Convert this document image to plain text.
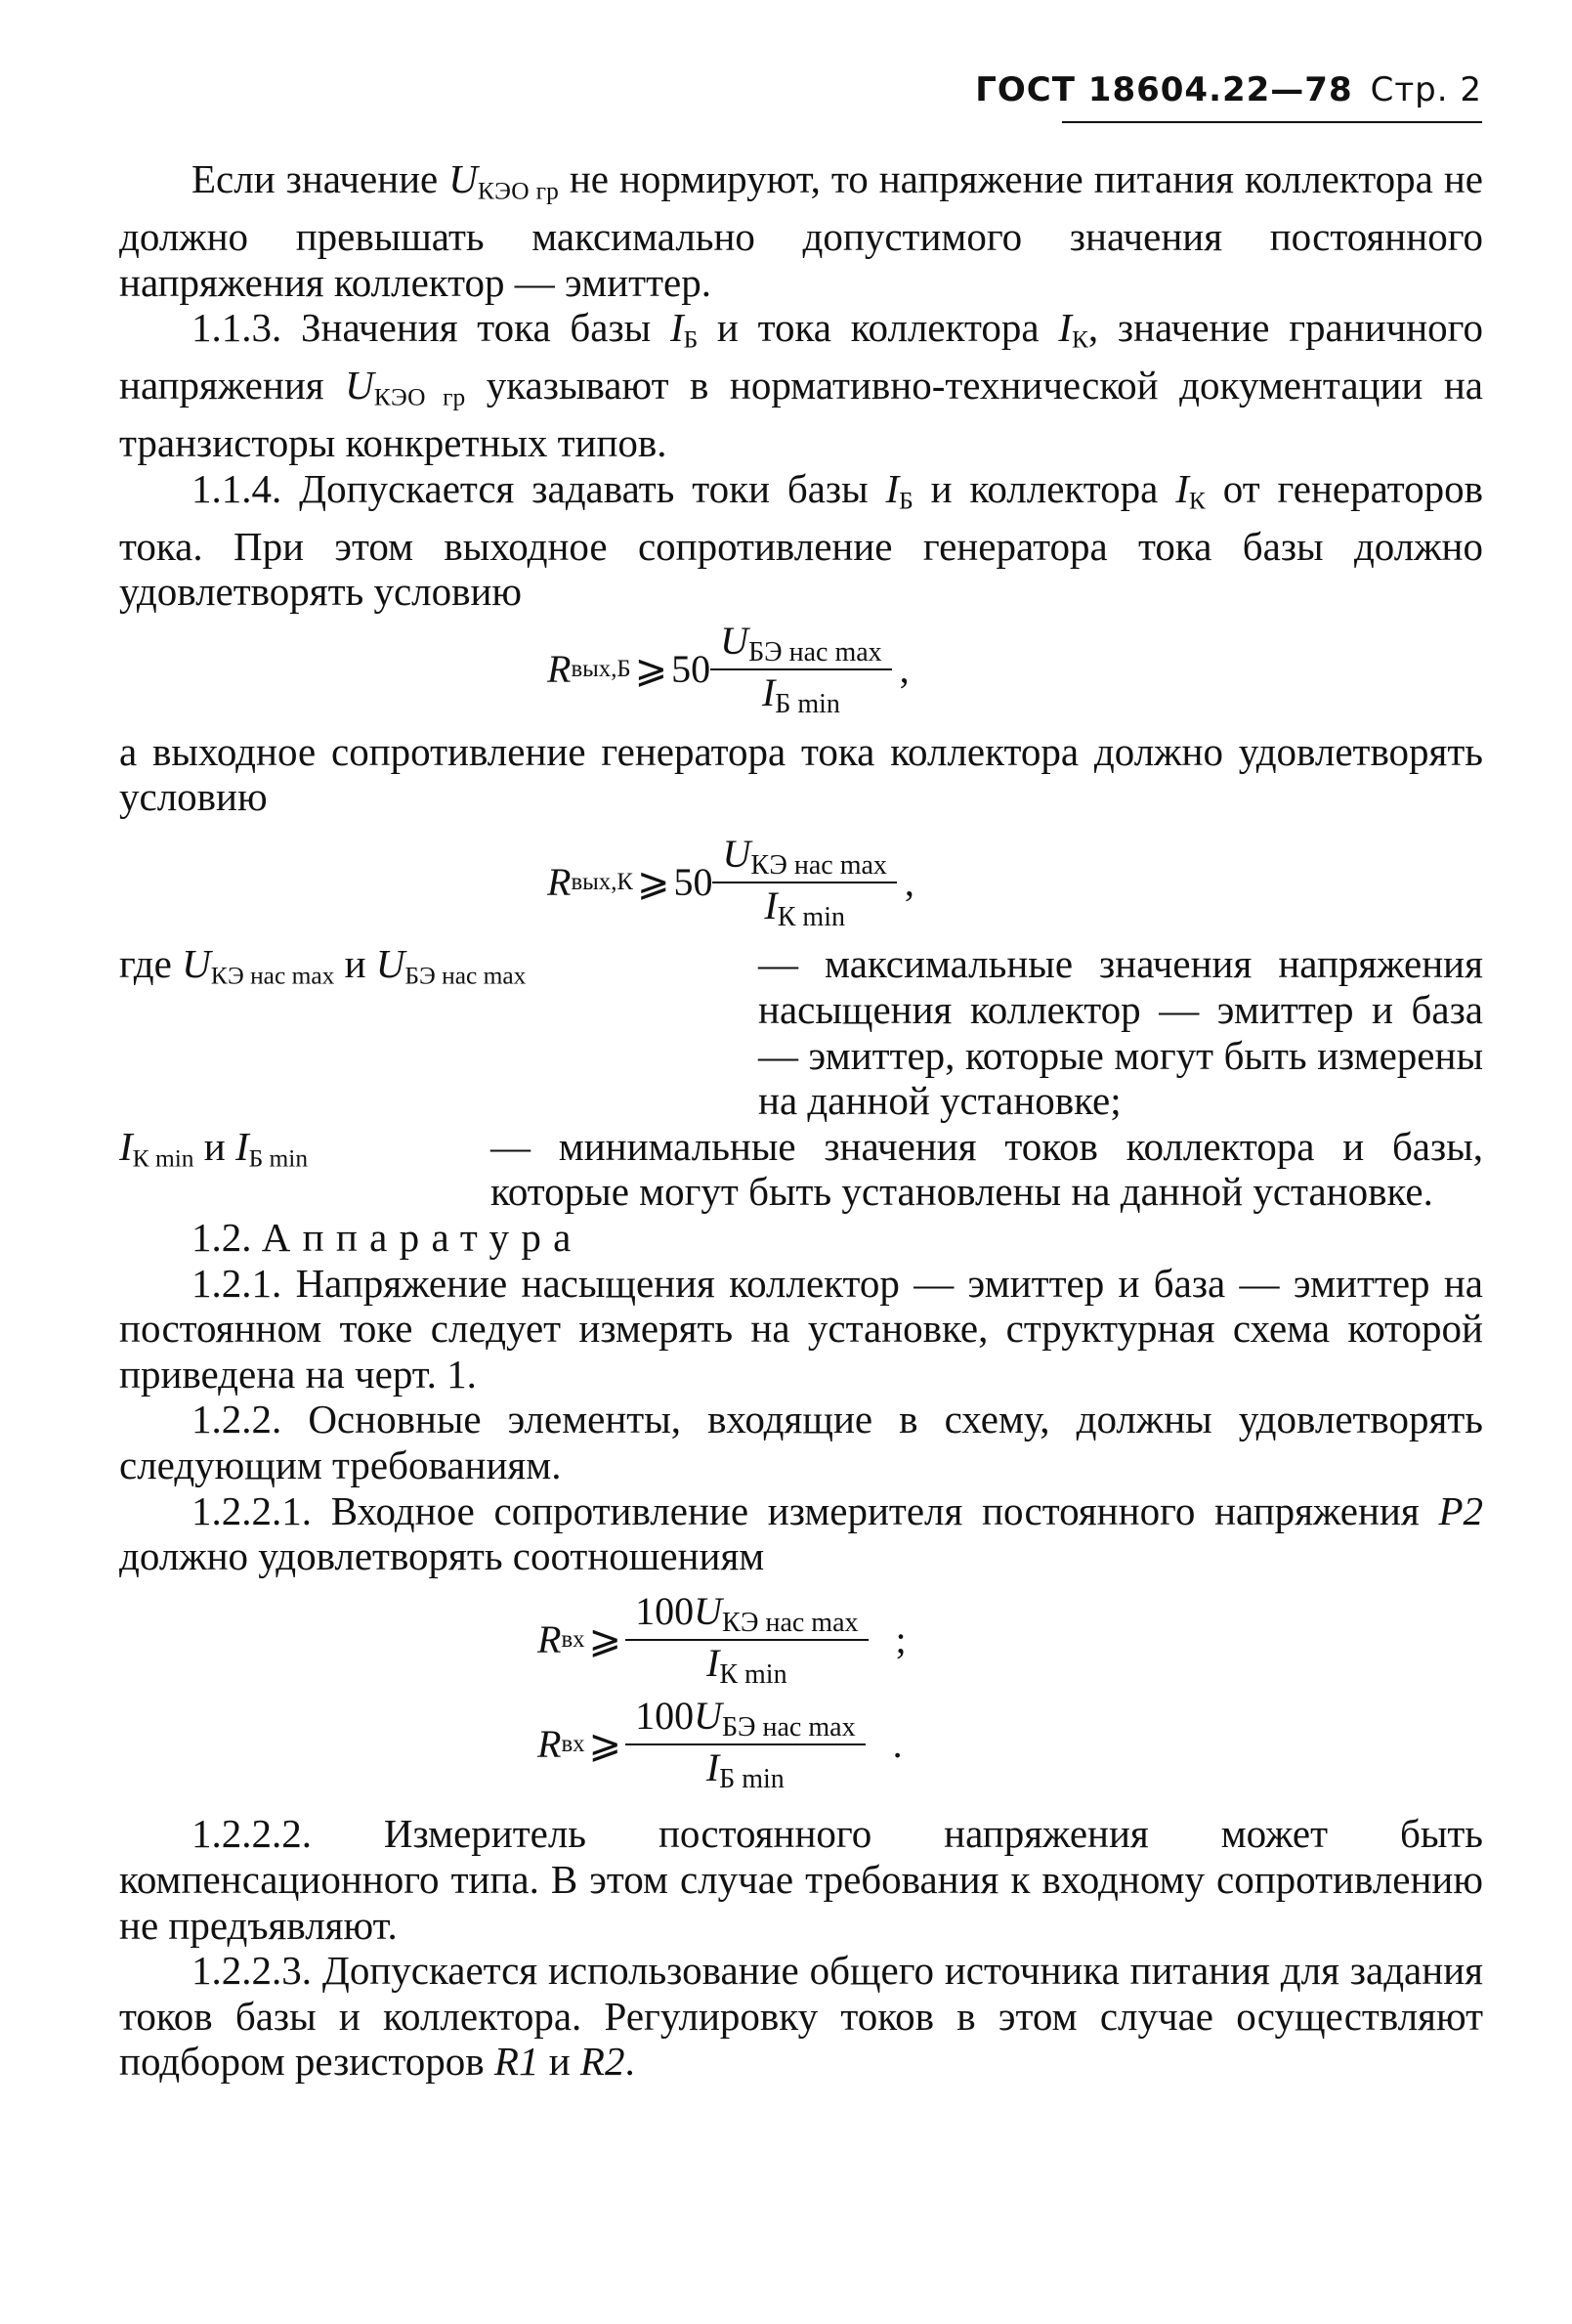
ГОСТ 18604.22—78 Стр. 2

Если значение $U_{КЭО гр}$ не нормируют, то напряжение питания коллектора не должно превышать максимально допустимого значения постоянного напряжения коллектор — эмиттер.

1.1.3. Значения тока базы $I_Б$ и тока коллектора $I_К$, значение граничного напряжения $U_{КЭО гр}$ указывают в нормативно-технической документации на транзисторы конкретных типов.

1.1.4. Допускается задавать токи базы $I_Б$ и коллектора $I_К$ от генераторов тока. При этом выходное сопротивление генератора тока базы должно удовлетворять условию

R вых,Б ⩾ $50 \frac{U_{БЭ нас max}}{I_{Б min}}$ ,

а выходное сопротивление генератора тока коллектора должно удовлетворять условию

R вых,К ⩾ $50 \frac{U_{КЭ нас max}}{I_{К min}}$ ,
где $U_{КЭ нас max}$ и $U_{БЭ нас max}$	— максимальные значения напряжения насыщения коллектор — эмиттер и база — эмиттер, которые могут быть измерены на данной установке;
$I_{К min}$ и $I_{Б min}$	— минимальные значения токов коллектора и базы, которые могут быть установлены на данной установке.

1.2. Аппаратура

1.2.1. Напряжение насыщения коллектор — эмиттер и база — эмиттер на постоянном токе следует измерять на установке, структурная схема которой приведена на черт. 1.

1.2.2. Основные элементы, входящие в схему, должны удовлетворять следующим требованиям.

1.2.2.1. Входное сопротивление измерителя постоянного напряжения P2 должно удовлетворять соотношениям

R вх ⩾ $\frac{100U_{КЭ нас max}}{I_{К min}}$ ;
R вх ⩾ $\frac{100U_{БЭ нас max}}{I_{Б min}}$ .

1.2.2.2. Измеритель постоянного напряжения может быть компенсационного типа. В этом случае требования к входному сопротивлению не предъявляют.

1.2.2.3. Допускается использование общего источника питания для задания токов базы и коллектора. Регулировку токов в этом случае осуществляют подбором резисторов R1 и R2.
